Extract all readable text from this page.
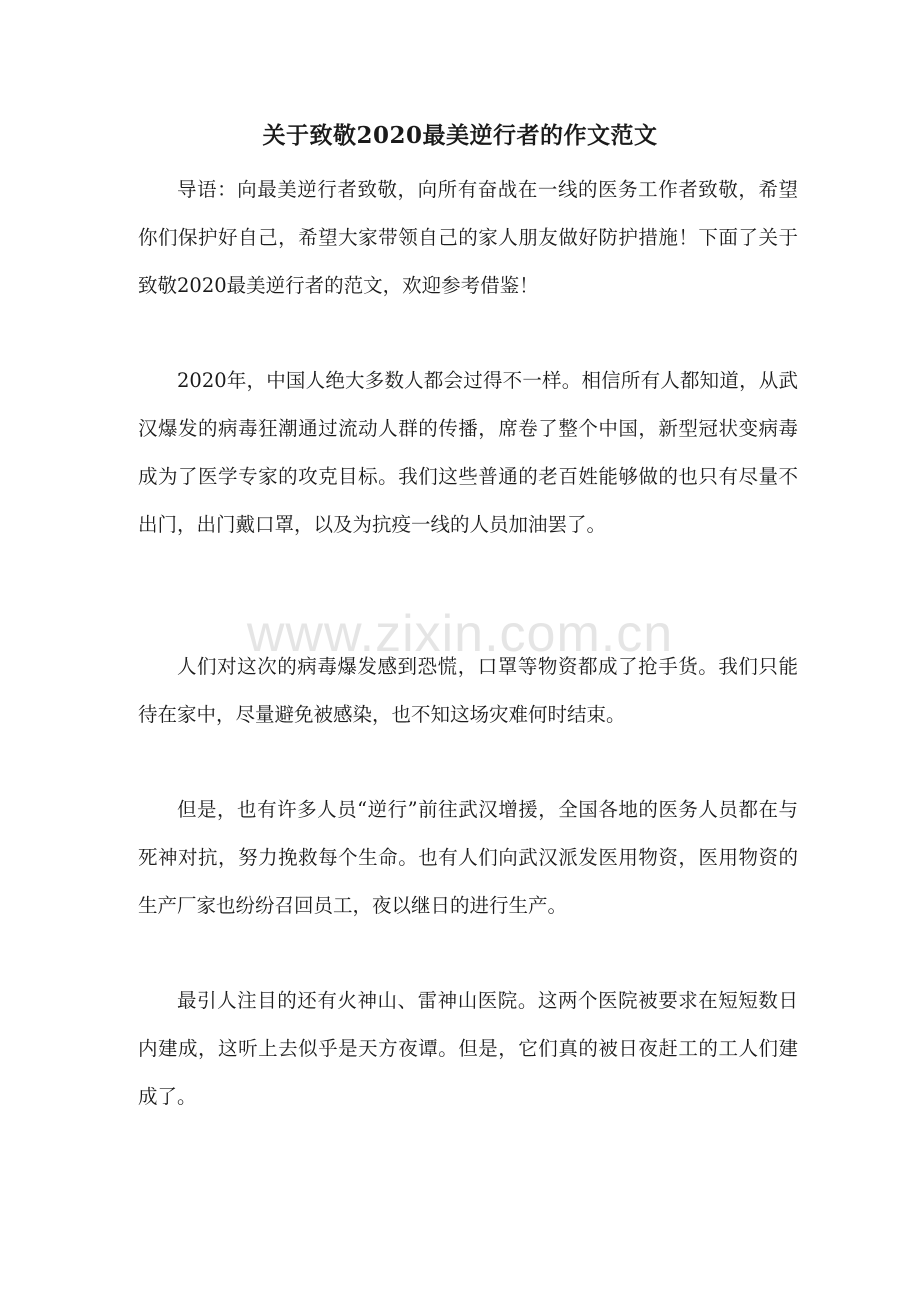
关于致敬2020最美逆行者的作文范文

导语：向最美逆行者致敬，向所有奋战在一线的医务工作者致敬，希望你们保护好自己，希望大家带领自己的家人朋友做好防护措施！下面了关于致敬2020最美逆行者的范文，欢迎参考借鉴！

2020年，中国人绝大多数人都会过得不一样。相信所有人都知道，从武汉爆发的病毒狂潮通过流动人群的传播，席卷了整个中国，新型冠状变病毒成为了医学专家的攻克目标。我们这些普通的老百姓能够做的也只有尽量不出门，出门戴口罩，以及为抗疫一线的人员加油罢了。

人们对这次的病毒爆发感到恐慌，口罩等物资都成了抢手货。我们只能待在家中，尽量避免被感染，也不知这场灾难何时结束。

但是，也有许多人员“逆行”前往武汉增援，全国各地的医务人员都在与死神对抗，努力挽救每个生命。也有人们向武汉派发医用物资，医用物资的生产厂家也纷纷召回员工，夜以继日的进行生产。

最引人注目的还有火神山、雷神山医院。这两个医院被要求在短短数日内建成，这听上去似乎是天方夜谭。但是，它们真的被日夜赶工的工人们建成了。

www.zixin.com.cn
